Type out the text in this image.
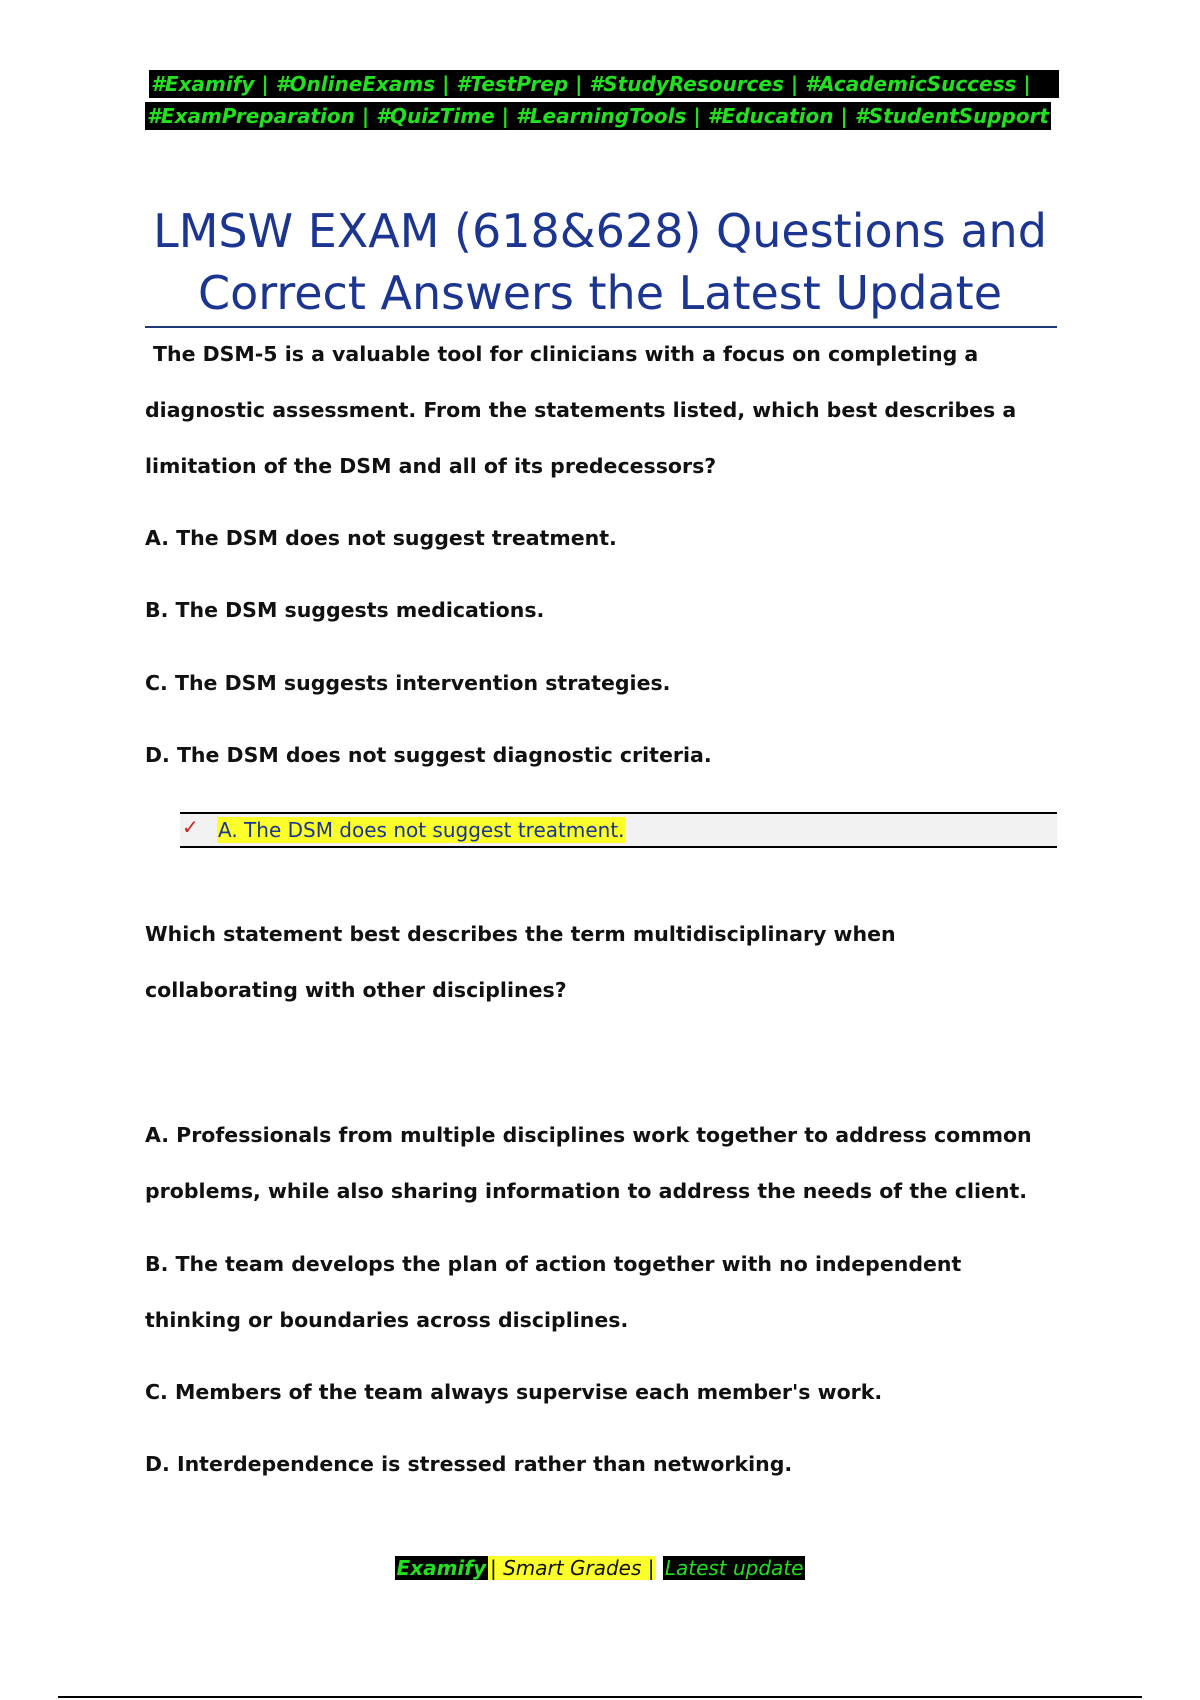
#Examify | #OnlineExams | #TestPrep | #StudyResources | #AcademicSuccess |
#ExamPreparation | #QuizTime | #LearningTools | #Education | #StudentSupport
LMSW EXAM (618&628) Questions and
Correct Answers the Latest Update
The DSM-5 is a valuable tool for clinicians with a focus on completing a diagnostic assessment. From the statements listed, which best describes a limitation of the DSM and all of its predecessors?
A. The DSM does not suggest treatment.
B. The DSM suggests medications.
C. The DSM suggests intervention strategies.
D. The DSM does not suggest diagnostic criteria.
✓ A. The DSM does not suggest treatment.
Which statement best describes the term multidisciplinary when collaborating with other disciplines?
A. Professionals from multiple disciplines work together to address common problems, while also sharing information to address the needs of the client.
B. The team develops the plan of action together with no independent thinking or boundaries across disciplines.
C. Members of the team always supervise each member's work.
D. Interdependence is stressed rather than networking.
Examify | Smart Grades | Latest update
